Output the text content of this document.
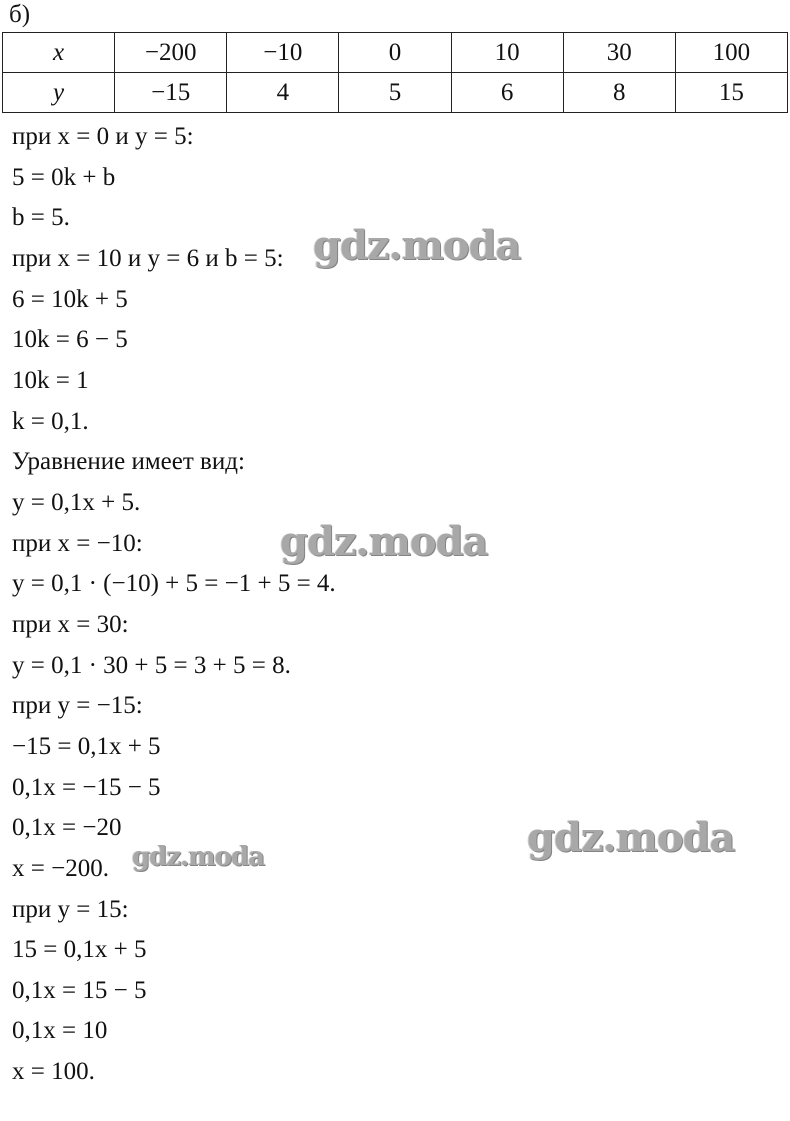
б)
x	−200	−10	0	10	30	100
y	−15	4	5	6	8	15
при x = 0 и y = 5:
5 = 0k + b
b = 5.
при x = 10 и y = 6 и b = 5:
6 = 10k + 5
10k = 6 − 5
10k = 1
k = 0,1.
Уравнение имеет вид:
y = 0,1x + 5.
при x = −10:
y = 0,1 · (−10) + 5 = −1 + 5 = 4.
при x = 30:
y = 0,1 · 30 + 5 = 3 + 5 = 8.
при y = −15:
−15 = 0,1x + 5
0,1x = −15 − 5
0,1x = −20
x = −200.
при y = 15:
15 = 0,1x + 5
0,1x = 15 − 5
0,1x = 10
x = 100.
gdz.moda
gdz.moda
gdz.moda
gdz.moda
